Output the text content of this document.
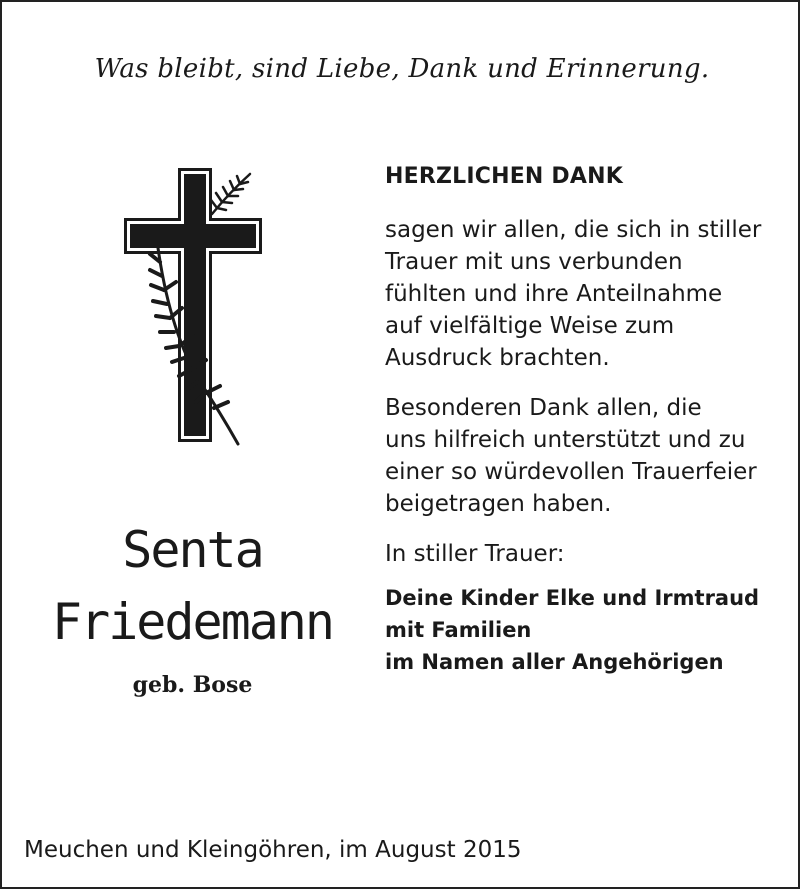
Was bleibt, sind Liebe, Dank und Erinnerung.
HERZLICHEN DANK
sagen wir allen, die sich in stiller
Trauer mit uns verbunden
fühlten und ihre Anteilnahme
auf vielfältige Weise zum
Ausdruck brachten.
Besonderen Dank allen, die
uns hilfreich unterstützt und zu
einer so würdevollen Trauerfeier
beigetragen haben.
In stiller Trauer:
Deine Kinder Elke und Irmtraud
mit Familien
im Namen aller Angehörigen
Senta
Friedemann
geb. Bose
Meuchen und Kleingöhren, im August 2015
